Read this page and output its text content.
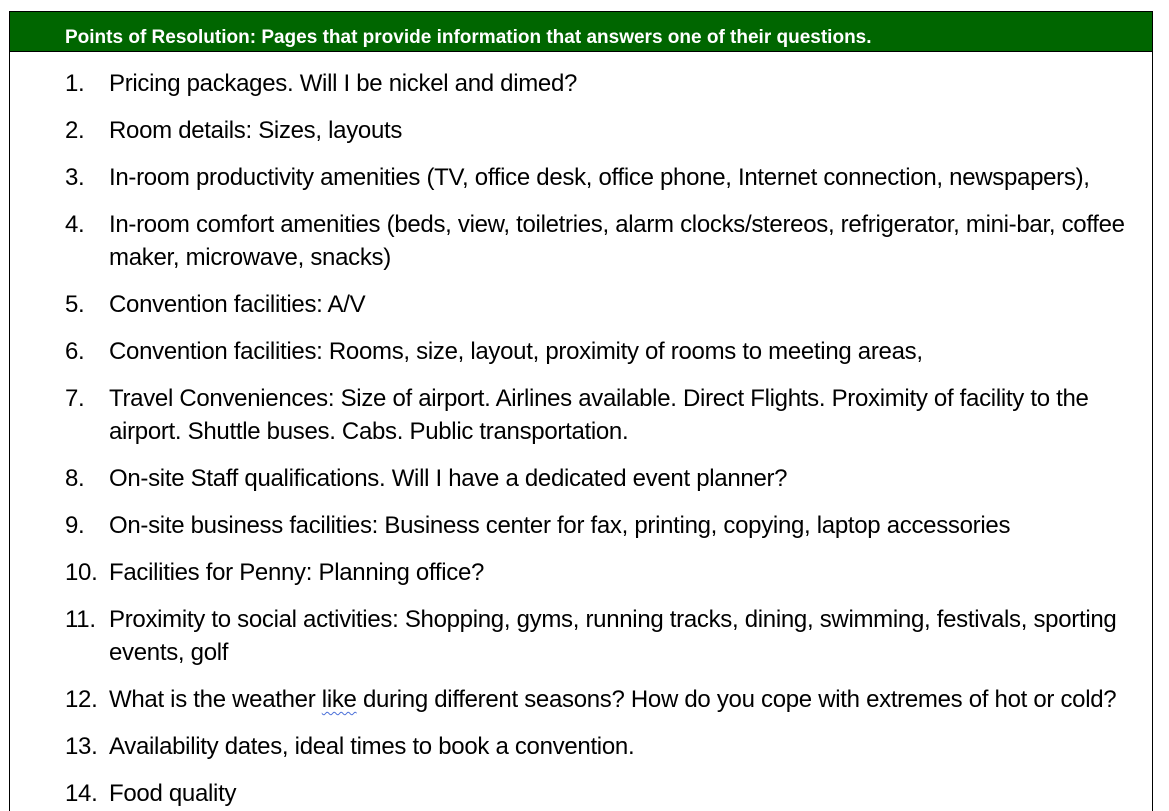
Points of Resolution: Pages that provide information that answers one of their questions.
1.	Pricing packages. Will I be nickel and dimed?
2.	Room details: Sizes, layouts
3.	In-room productivity amenities (TV, office desk, office phone, Internet connection, newspapers),
4.	In-room comfort amenities (beds, view, toiletries, alarm clocks/stereos, refrigerator, mini-bar, coffee maker, microwave, snacks)
5.	Convention facilities: A/V
6.	Convention facilities: Rooms, size, layout, proximity of rooms to meeting areas,
7.	Travel Conveniences: Size of airport. Airlines available. Direct Flights. Proximity of facility to the airport. Shuttle buses. Cabs. Public transportation.
8.	On-site Staff qualifications. Will I have a dedicated event planner?
9.	On-site business facilities: Business center for fax, printing, copying, laptop accessories
10. Facilities for Penny: Planning office?
11. Proximity to social activities: Shopping, gyms, running tracks, dining, swimming, festivals, sporting events, golf
12. What is the weather like during different seasons? How do you cope with extremes of hot or cold?
13. Availability dates, ideal times to book a convention.
14. Food quality
